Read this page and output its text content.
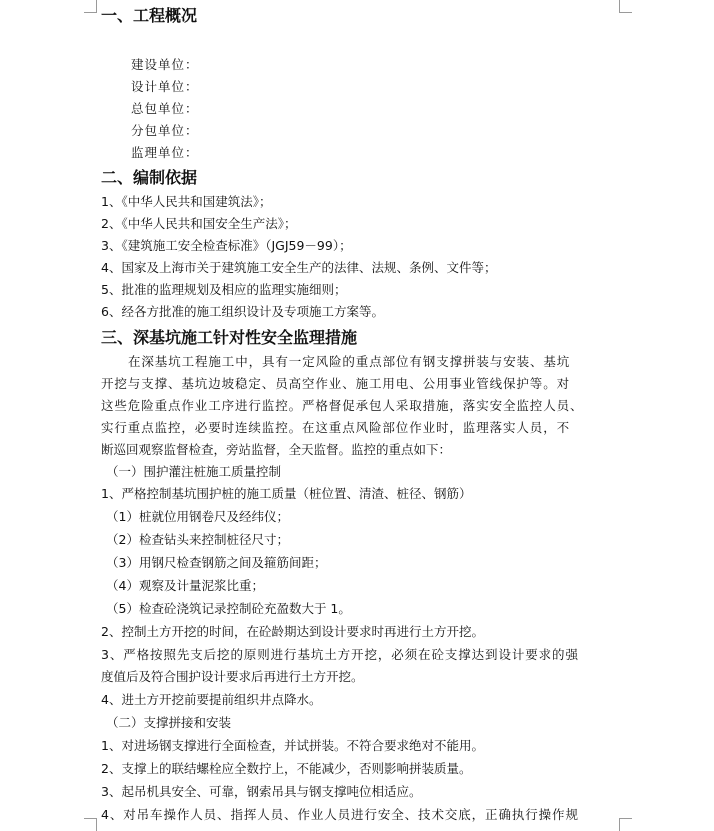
一、工程概况
建设单位：
设计单位：
总包单位：
分包单位：
监理单位：
二、编制依据
1、《中华人民共和国建筑法》；
2、《中华人民共和国安全生产法》；
3、《建筑施工安全检查标准》（JGJ59－99）；
4、国家及上海市关于建筑施工安全生产的法律、法规、条例、文件等；
5、批准的监理规划及相应的监理实施细则；
6、经各方批准的施工组织设计及专项施工方案等。
三、深基坑施工针对性安全监理措施
在深基坑工程施工中，具有一定风险的重点部位有钢支撑拼装与安装、基坑
开挖与支撑、基坑边坡稳定、员高空作业、施工用电、公用事业管线保护等。对
这些危险重点作业工序进行监控。严格督促承包人采取措施，落实安全监控人员、
实行重点监控，必要时连续监控。在这重点风险部位作业时，监理落实人员，不
断巡回观察监督检查，旁站监督，全天监督。监控的重点如下：
（一）围护灌注桩施工质量控制
1、严格控制基坑围护桩的施工质量（桩位置、清渣、桩径、钢筋）
（1）桩就位用钢卷尺及经纬仪；
（2）检查钻头来控制桩径尺寸；
（3）用钢尺检查钢筋之间及箍筋间距；
（4）观察及计量泥浆比重；
（5）检查砼浇筑记录控制砼充盈数大于 1。
2、控制土方开挖的时间，在砼龄期达到设计要求时再进行土方开挖。
3、严格按照先支后挖的原则进行基坑土方开挖，必须在砼支撑达到设计要求的强
度值后及符合围护设计要求后再进行土方开挖。
4、进土方开挖前要提前组织井点降水。
（二）支撑拼接和安装
1、对进场钢支撑进行全面检查，并试拼装。不符合要求绝对不能用。
2、支撑上的联结螺栓应全数拧上，不能减少，否则影响拼装质量。
3、起吊机具安全、可靠，钢索吊具与钢支撑吨位相适应。
4、对吊车操作人员、指挥人员、作业人员进行安全、技术交底，正确执行操作规
